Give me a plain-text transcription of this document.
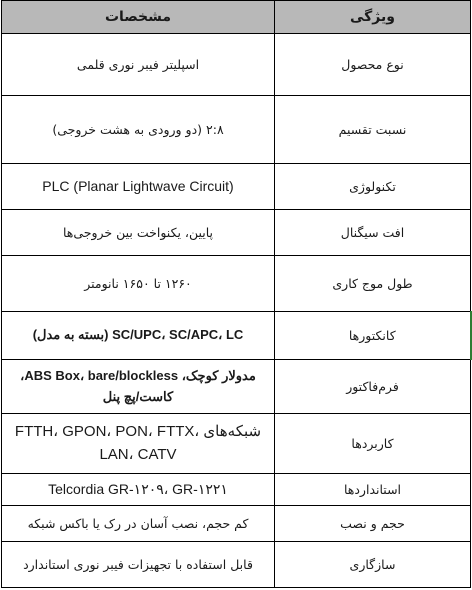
ویژگی	مشخصات
نوع محصول	اسپلیتر فیبر نوری قلمی
نسبت تقسیم	۲:۸ (دو ورودی به هشت خروجی)
تکنولوژی	PLC (Planar Lightwave Circuit)
افت سیگنال	پایین، یکنواخت بین خروجی‌ها
طول موج کاری	۱۲۶۰ تا ۱۶۵۰ نانومتر
کانکتورها	SC/UPC، SC/APC، LC (بسته به مدل)
فرم‌فاکتور	مدولار کوچک، ABS Box، bare/blockless، کاست/پچ پنل
کاربردها	شبکه‌های FTTH، GPON، PON، FTTX، LAN، CATV
استانداردها	Telcordia GR-۱۲۰۹، GR-۱۲۲۱
حجم و نصب	کم حجم، نصب آسان در رک یا باکس شبکه
سازگاری	قابل استفاده با تجهیزات فیبر نوری استاندارد
